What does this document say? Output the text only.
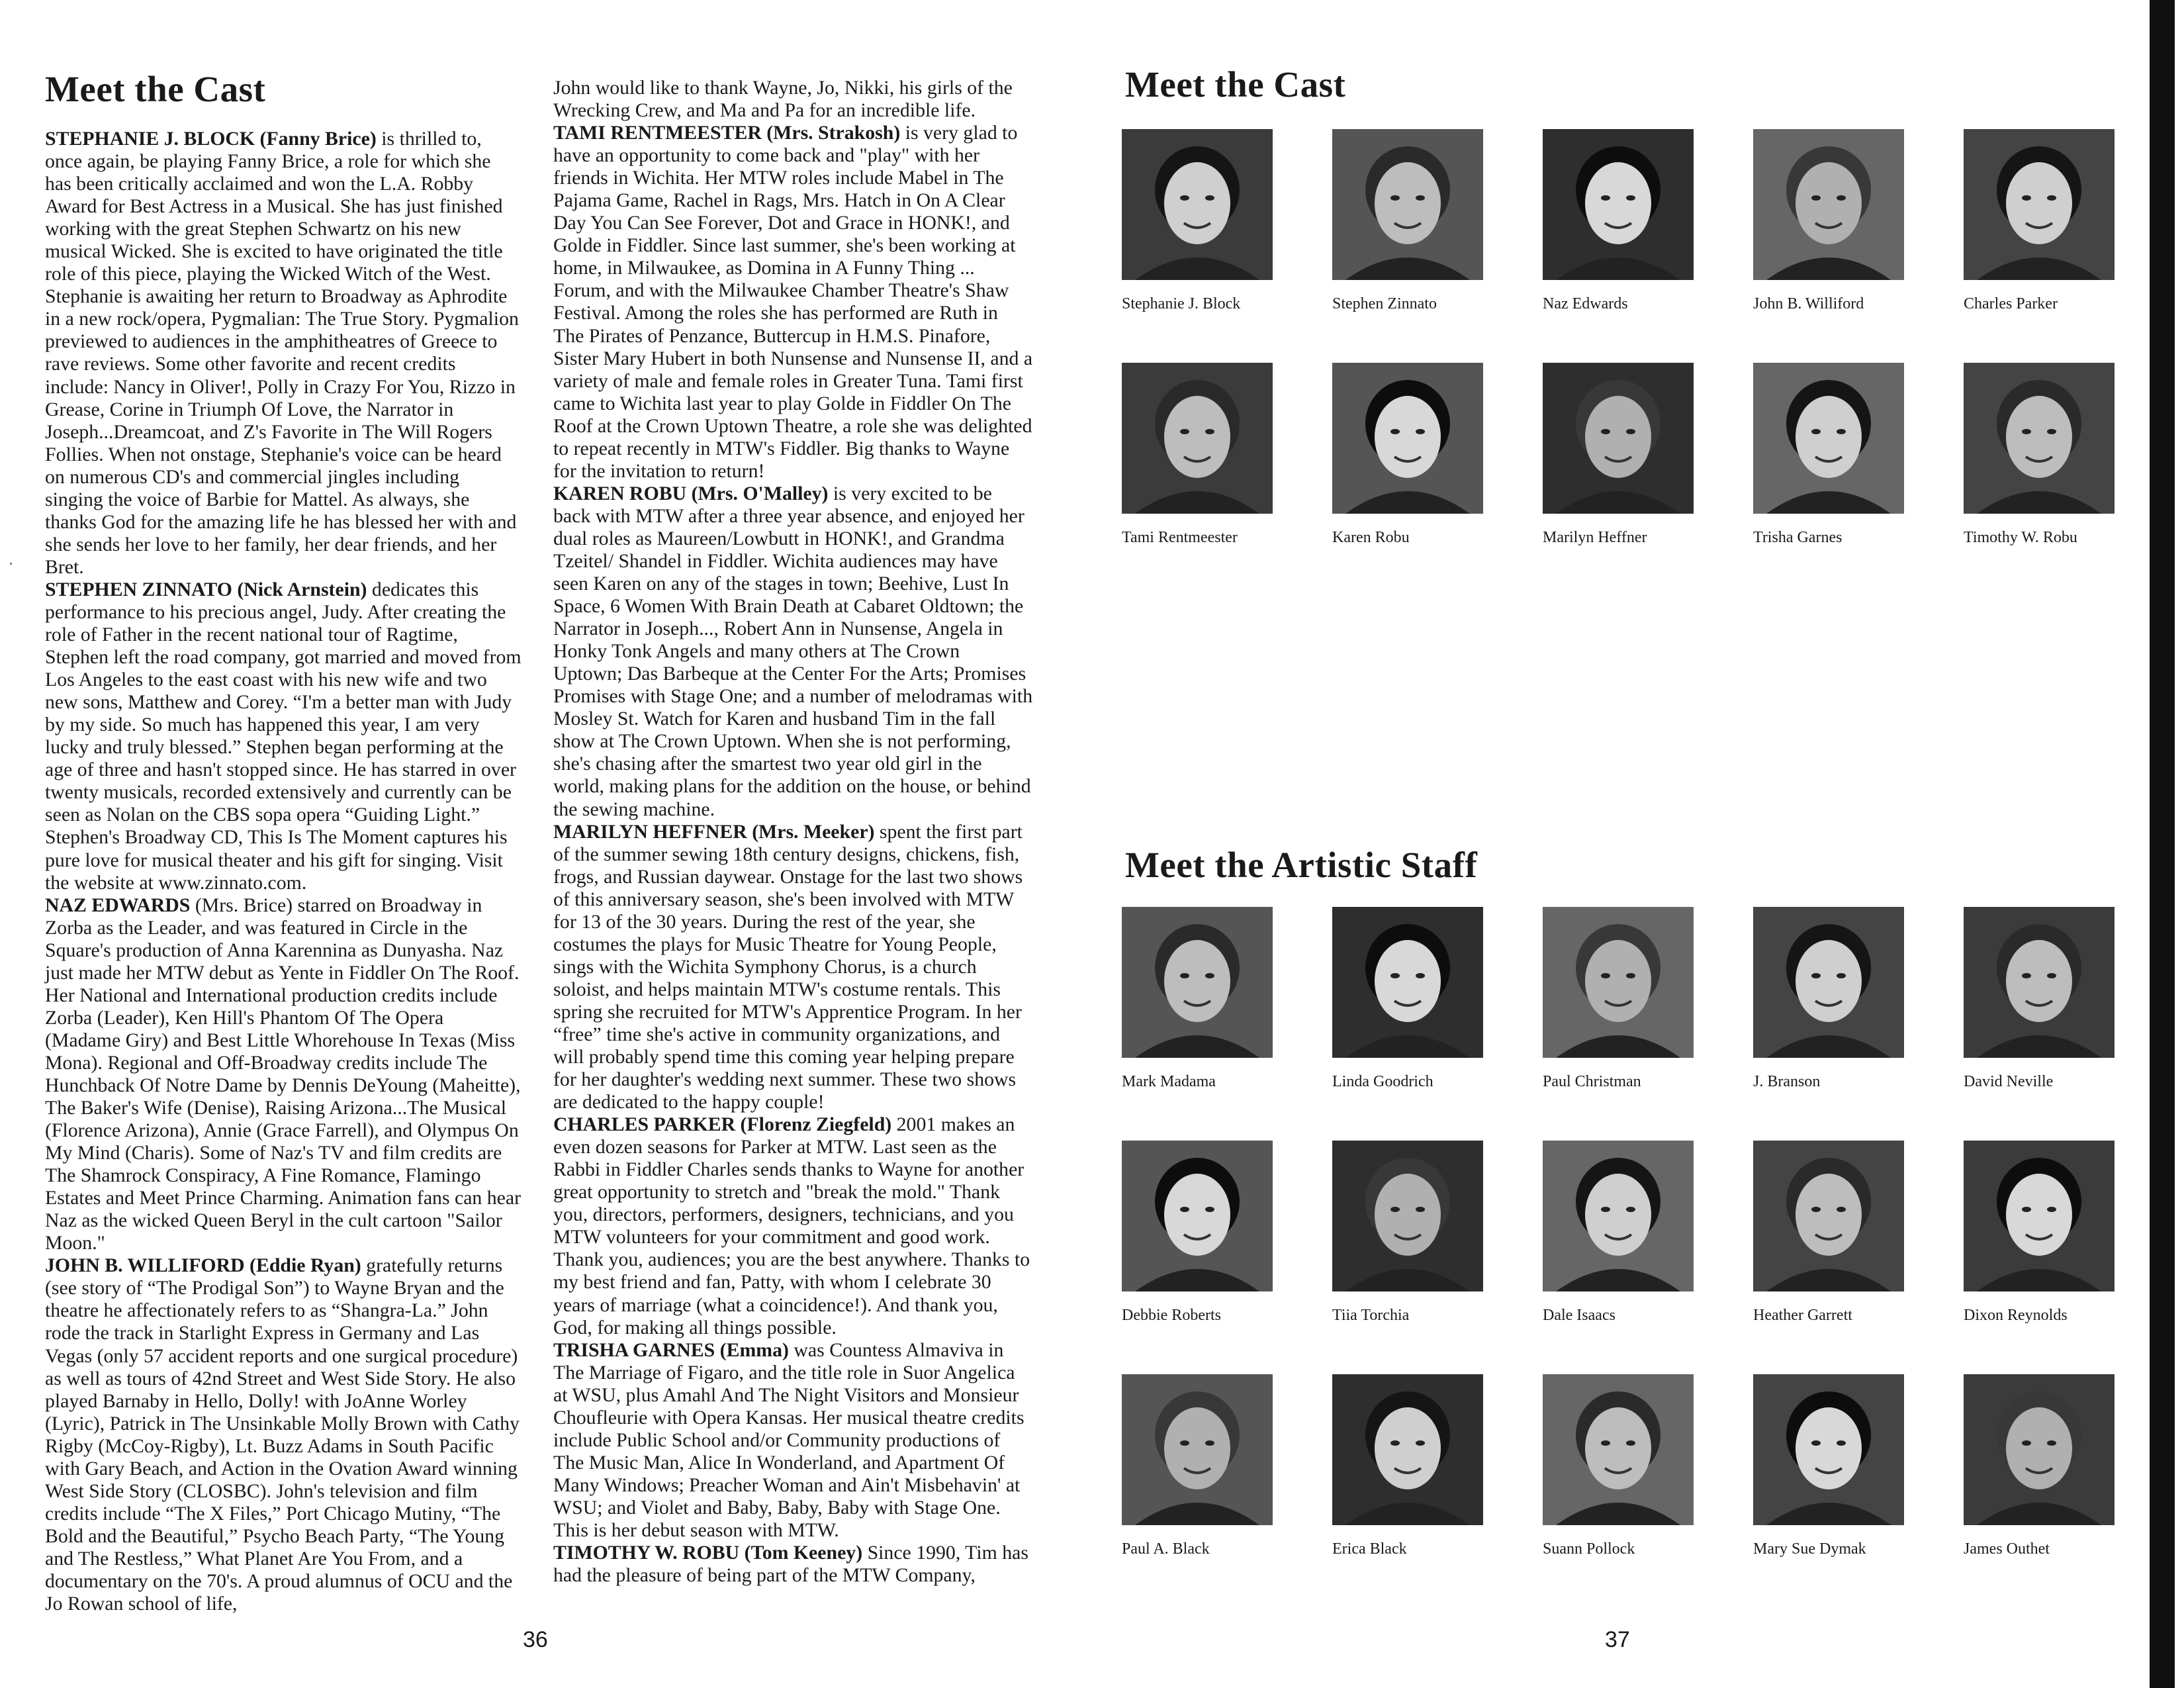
Meet the Cast

STEPHANIE J. BLOCK (Fanny Brice) is thrilled to, once again, be playing Fanny Brice, a role for which she has been critically acclaimed and won the L.A. Robby Award for Best Actress in a Musical. She has just finished working with the great Stephen Schwartz on his new musical Wicked. She is excited to have originated the title role of this piece, playing the Wicked Witch of the West. Stephanie is awaiting her return to Broadway as Aphrodite in a new rock/opera, Pygmalian: The True Story. Pygmalion previewed to audiences in the amphitheatres of Greece to rave reviews. Some other favorite and recent credits include: Nancy in Oliver!, Polly in Crazy For You, Rizzo in Grease, Corine in Triumph Of Love, the Narrator in Joseph...Dreamcoat, and Z's Favorite in The Will Rogers Follies. When not onstage, Stephanie's voice can be heard on numerous CD's and commercial jingles including singing the voice of Barbie for Mattel. As always, she thanks God for the amazing life he has blessed her with and she sends her love to her family, her dear friends, and her Bret.

STEPHEN ZINNATO (Nick Arnstein) dedicates this performance to his precious angel, Judy. After creating the role of Father in the recent national tour of Ragtime, Stephen left the road company, got married and moved from Los Angeles to the east coast with his new wife and two new sons, Matthew and Corey. “I'm a better man with Judy by my side. So much has happened this year, I am very lucky and truly blessed.” Stephen began performing at the age of three and hasn't stopped since. He has starred in over twenty musicals, recorded extensively and currently can be seen as Nolan on the CBS sopa opera “Guiding Light.” Stephen's Broadway CD, This Is The Moment captures his pure love for musical theater and his gift for singing. Visit the website at www.zinnato.com.

NAZ EDWARDS (Mrs. Brice) starred on Broadway in Zorba as the Leader, and was featured in Circle in the Square's production of Anna Karennina as Dunyasha. Naz just made her MTW debut as Yente in Fiddler On The Roof. Her National and International production credits include Zorba (Leader), Ken Hill's Phantom Of The Opera (Madame Giry) and Best Little Whorehouse In Texas (Miss Mona). Regional and Off-Broadway credits include The Hunchback Of Notre Dame by Dennis DeYoung (Maheitte), The Baker's Wife (Denise), Raising Arizona...The Musical (Florence Arizona), Annie (Grace Farrell), and Olympus On My Mind (Charis). Some of Naz's TV and film credits are The Shamrock Conspiracy, A Fine Romance, Flamingo Estates and Meet Prince Charming. Animation fans can hear Naz as the wicked Queen Beryl in the cult cartoon "Sailor Moon."

JOHN B. WILLIFORD (Eddie Ryan) gratefully returns (see story of “The Prodigal Son”) to Wayne Bryan and the theatre he affectionately refers to as “Shangra-La.” John rode the track in Starlight Express in Germany and Las Vegas (only 57 accident reports and one surgical procedure) as well as tours of 42nd Street and West Side Story. He also played Barnaby in Hello, Dolly! with JoAnne Worley (Lyric), Patrick in The Unsinkable Molly Brown with Cathy Rigby (McCoy-Rigby), Lt. Buzz Adams in South Pacific with Gary Beach, and Action in the Ovation Award winning West Side Story (CLOSBC). John's television and film credits include “The X Files,” Port Chicago Mutiny, “The Bold and the Beautiful,” Psycho Beach Party, “The Young and The Restless,” What Planet Are You From, and a documentary on the 70's. A proud alumnus of OCU and the Jo Rowan school of life,

John would like to thank Wayne, Jo, Nikki, his girls of the Wrecking Crew, and Ma and Pa for an incredible life.

TAMI RENTMEESTER (Mrs. Strakosh) is very glad to have an opportunity to come back and "play" with her friends in Wichita. Her MTW roles include Mabel in The Pajama Game, Rachel in Rags, Mrs. Hatch in On A Clear Day You Can See Forever, Dot and Grace in HONK!, and Golde in Fiddler. Since last summer, she's been working at home, in Milwaukee, as Domina in A Funny Thing ... Forum, and with the Milwaukee Chamber Theatre's Shaw Festival. Among the roles she has performed are Ruth in The Pirates of Penzance, Buttercup in H.M.S. Pinafore, Sister Mary Hubert in both Nunsense and Nunsense II, and a variety of male and female roles in Greater Tuna. Tami first came to Wichita last year to play Golde in Fiddler On The Roof at the Crown Uptown Theatre, a role she was delighted to repeat recently in MTW's Fiddler. Big thanks to Wayne for the invitation to return!

KAREN ROBU (Mrs. O'Malley) is very excited to be back with MTW after a three year absence, and enjoyed her dual roles as Maureen/Lowbutt in HONK!, and Grandma Tzeitel/ Shandel in Fiddler. Wichita audiences may have seen Karen on any of the stages in town; Beehive, Lust In Space, 6 Women With Brain Death at Cabaret Oldtown; the Narrator in Joseph..., Robert Ann in Nunsense, Angela in Honky Tonk Angels and many others at The Crown Uptown; Das Barbeque at the Center For the Arts; Promises Promises with Stage One; and a number of melodramas with Mosley St. Watch for Karen and husband Tim in the fall show at The Crown Uptown. When she is not performing, she's chasing after the smartest two year old girl in the world, making plans for the addition on the house, or behind the sewing machine.

MARILYN HEFFNER (Mrs. Meeker) spent the first part of the summer sewing 18th century designs, chickens, fish, frogs, and Russian daywear. Onstage for the last two shows of this anniversary season, she's been involved with MTW for 13 of the 30 years. During the rest of the year, she costumes the plays for Music Theatre for Young People, sings with the Wichita Symphony Chorus, is a church soloist, and helps maintain MTW's costume rentals. This spring she recruited for MTW's Apprentice Program. In her “free” time she's active in community organizations, and will probably spend time this coming year helping prepare for her daughter's wedding next summer. These two shows are dedicated to the happy couple!

CHARLES PARKER (Florenz Ziegfeld) 2001 makes an even dozen seasons for Parker at MTW. Last seen as the Rabbi in Fiddler Charles sends thanks to Wayne for another great opportunity to stretch and "break the mold." Thank you, directors, performers, designers, technicians, and you MTW volunteers for your commitment and good work. Thank you, audiences; you are the best anywhere. Thanks to my best friend and fan, Patty, with whom I celebrate 30 years of marriage (what a coincidence!). And thank you, God, for making all things possible.

TRISHA GARNES (Emma) was Countess Almaviva in The Marriage of Figaro, and the title role in Suor Angelica at WSU, plus Amahl And The Night Visitors and Monsieur Choufleurie with Opera Kansas. Her musical theatre credits include Public School and/or Community productions of The Music Man, Alice In Wonderland, and Apartment Of Many Windows; Preacher Woman and Ain't Misbehavin' at WSU; and Violet and Baby, Baby, Baby with Stage One. This is her debut season with MTW.

TIMOTHY W. ROBU (Tom Keeney) Since 1990, Tim has had the pleasure of being part of the MTW Company,

36
Meet the Cast
Stephanie J. Block	Stephen Zinnato	Naz Edwards	John B. Williford	Charles Parker
Tami Rentmeester	Karen Robu	Marilyn Heffner	Trisha Garnes	Timothy W. Robu
Meet the Artistic Staff
Mark Madama	Linda Goodrich	Paul Christman	J. Branson	David Neville
Debbie Roberts	Tiia Torchia	Dale Isaacs	Heather Garrett	Dixon Reynolds
Paul A. Black	Erica Black	Suann Pollock	Mary Sue Dymak	James Outhet
37
